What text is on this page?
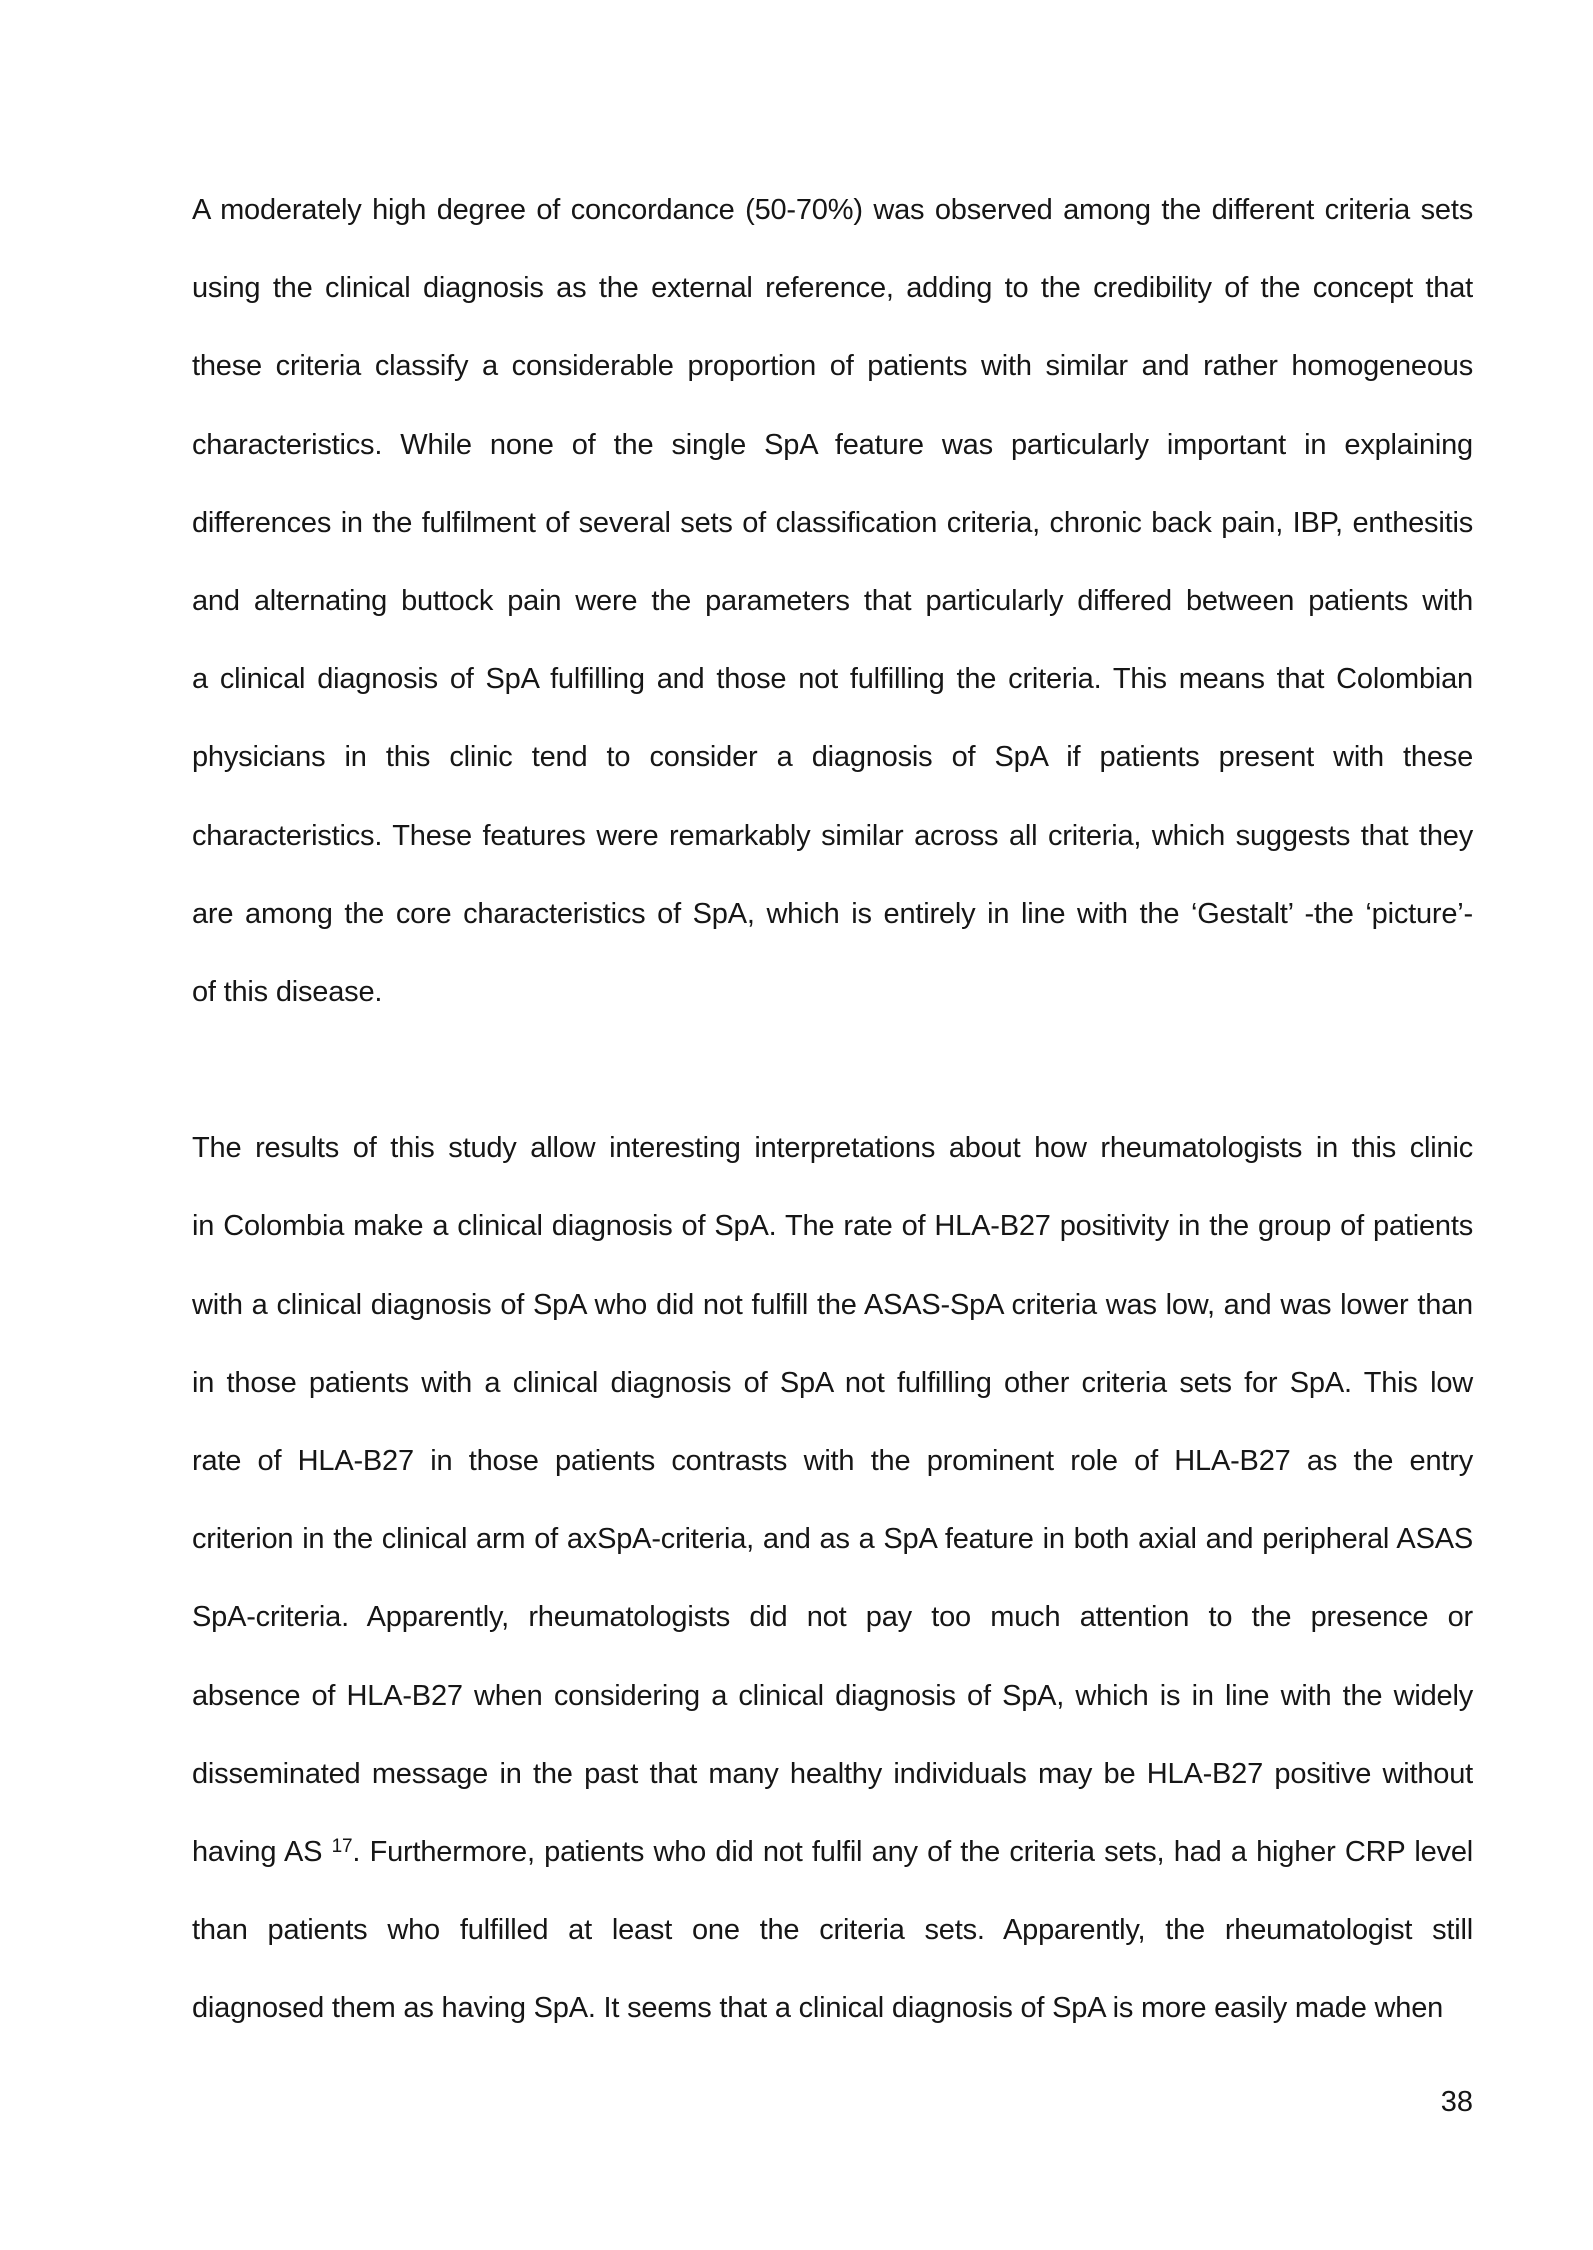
A moderately high degree of concordance (50-70%) was observed among the different criteria sets
using the clinical diagnosis as the external reference, adding to the credibility of the concept that
these criteria classify a considerable proportion of patients with similar and rather homogeneous
characteristics. While none of the single SpA feature was particularly important in explaining
differences in the fulfilment of several sets of classification criteria, chronic back pain, IBP, enthesitis
and alternating buttock pain were the parameters that particularly differed between patients with
a clinical diagnosis of SpA fulfilling and those not fulfilling the criteria. This means that Colombian
physicians in this clinic tend to consider a diagnosis of SpA if patients present with these
characteristics. These features were remarkably similar across all criteria, which suggests that they
are among the core characteristics of SpA, which is entirely in line with the ‘Gestalt’ -the ‘picture’-
of this disease.
The results of this study allow interesting interpretations about how rheumatologists in this clinic
in Colombia make a clinical diagnosis of SpA. The rate of HLA-B27 positivity in the group of patients
with a clinical diagnosis of SpA who did not fulfill the ASAS-SpA criteria was low, and was lower than
in those patients with a clinical diagnosis of SpA not fulfilling other criteria sets for SpA. This low
rate of HLA-B27 in those patients contrasts with the prominent role of HLA-B27 as the entry
criterion in the clinical arm of axSpA-criteria, and as a SpA feature in both axial and peripheral ASAS
SpA-criteria. Apparently, rheumatologists did not pay too much attention to the presence or
absence of HLA-B27 when considering a clinical diagnosis of SpA, which is in line with the widely
disseminated message in the past that many healthy individuals may be HLA-B27 positive without
having AS $^{17}$. Furthermore, patients who did not fulfil any of the criteria sets, had a higher CRP level
than patients who fulfilled at least one the criteria sets. Apparently, the rheumatologist still
diagnosed them as having SpA. It seems that a clinical diagnosis of SpA is more easily made when
38
